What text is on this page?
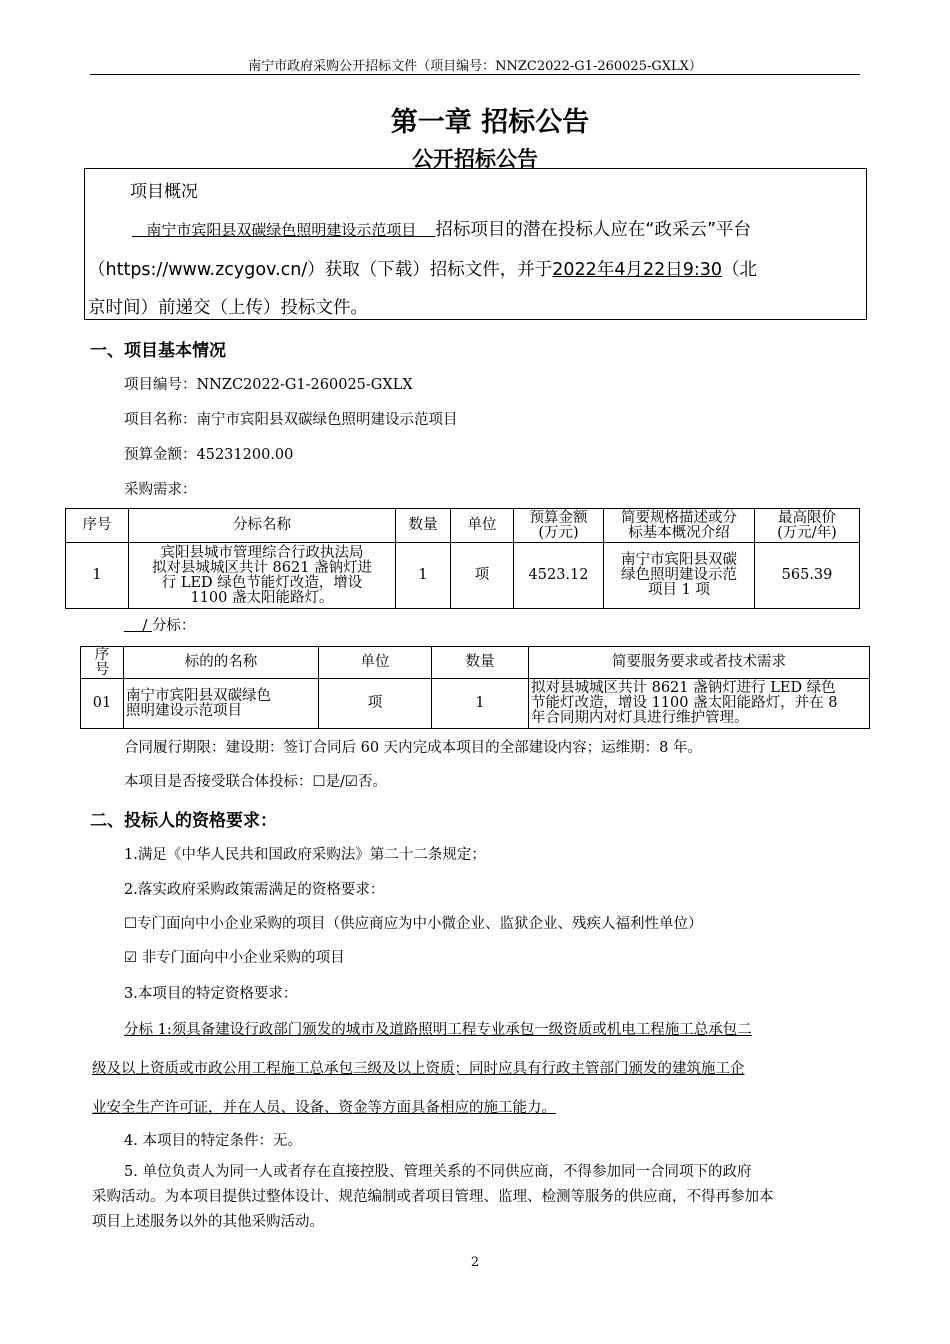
南宁市政府采购公开招标文件（项目编号：NNZC2022-G1-260025-GXLX）
第一章 招标公告
公开招标公告
项目概况
南宁市宾阳县双碳绿色照明建设示范项目 招标项目的潜在投标人应在“政采云”平台
（https://www.zcygov.cn/）获取（下载）招标文件，并于2022年4月22日9:30（北
京时间）前递交（上传）投标文件。
一、项目基本情况
项目编号：NNZC2022-G1-260025-GXLX
项目名称：南宁市宾阳县双碳绿色照明建设示范项目
预算金额：45231200.00
采购需求：
序号	分标名称	数量	单位	预算金额
(万元)	简要规格描述或分
标基本概况介绍	最高限价
(万元/年)
1	宾阳县城市管理综合行政执法局
拟对县城城区共计 8621 盏钠灯进
行 LED 绿色节能灯改造，增设
1100 盏太阳能路灯。	1	项	4523.12	南宁市宾阳县双碳
绿色照明建设示范
项目 1 项	565.39
/ 分标：
序
号	标的的名称	单位	数量	简要服务要求或者技术需求
01	南宁市宾阳县双碳绿色
照明建设示范项目	项	1	拟对县城城区共计 8621 盏钠灯进行 LED 绿色
节能灯改造，增设 1100 盏太阳能路灯，并在 8
年合同期内对灯具进行维护管理。
合同履行期限：建设期：签订合同后 60 天内完成本项目的全部建设内容；运维期：8 年。
本项目是否接受联合体投标：☐是/☑否。
二、投标人的资格要求：
1.满足《中华人民共和国政府采购法》第二十二条规定；
2.落实政府采购政策需满足的资格要求：
☐专门面向中小企业采购的项目（供应商应为中小微企业、监狱企业、残疾人福利性单位）
☑ 非专门面向中小企业采购的项目
3.本项目的特定资格要求：
分标 1:须具备建设行政部门颁发的城市及道路照明工程专业承包一级资质或机电工程施工总承包二
级及以上资质或市政公用工程施工总承包三级及以上资质；同时应具有行政主管部门颁发的建筑施工企
业安全生产许可证，并在人员、设备、资金等方面具备相应的施工能力。
4. 本项目的特定条件：无。
5. 单位负责人为同一人或者存在直接控股、管理关系的不同供应商，不得参加同一合同项下的政府
采购活动。为本项目提供过整体设计、规范编制或者项目管理、监理、检测等服务的供应商，不得再参加本
项目上述服务以外的其他采购活动。
2
